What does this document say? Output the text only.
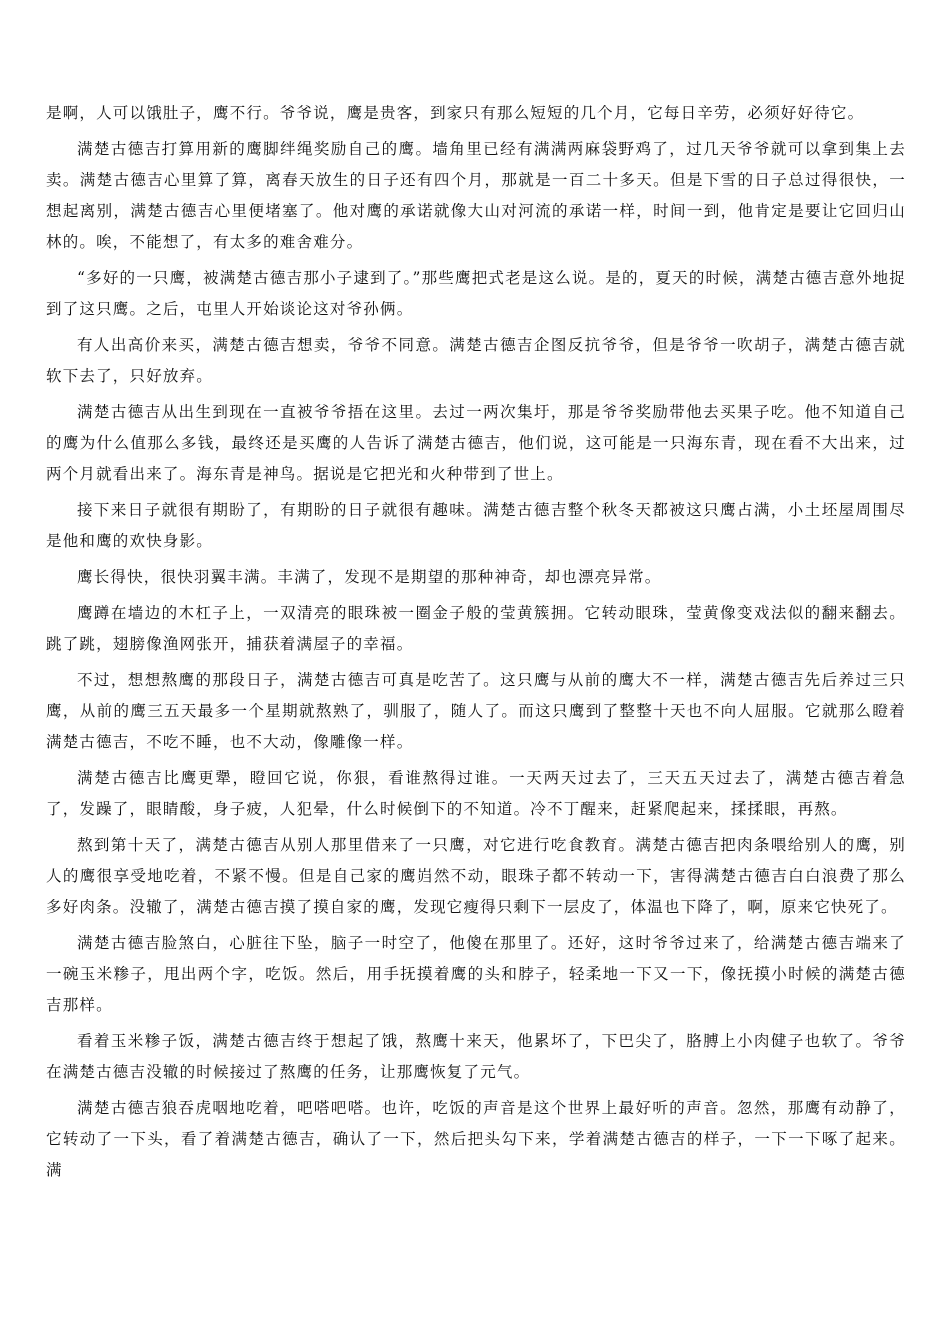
是啊，人可以饿肚子，鹰不行。爷爷说，鹰是贵客，到家只有那么短短的几个月，它每日辛劳，必须好好待它。

满楚古德吉打算用新的鹰脚绊绳奖励自己的鹰。墙角里已经有满满两麻袋野鸡了，过几天爷爷就可以拿到集上去卖。满楚古德吉心里算了算，离春天放生的日子还有四个月，那就是一百二十多天。但是下雪的日子总过得很快，一想起离别，满楚古德吉心里便堵塞了。他对鹰的承诺就像大山对河流的承诺一样，时间一到，他肯定是要让它回归山林的。唉，不能想了，有太多的难舍难分。

“多好的一只鹰，被满楚古德吉那小子逮到了。”那些鹰把式老是这么说。是的，夏天的时候，满楚古德吉意外地捉到了这只鹰。之后，屯里人开始谈论这对爷孙俩。

有人出高价来买，满楚古德吉想卖，爷爷不同意。满楚古德吉企图反抗爷爷，但是爷爷一吹胡子，满楚古德吉就软下去了，只好放弃。

满楚古德吉从出生到现在一直被爷爷捂在这里。去过一两次集圩，那是爷爷奖励带他去买果子吃。他不知道自己的鹰为什么值那么多钱，最终还是买鹰的人告诉了满楚古德吉，他们说，这可能是一只海东青，现在看不大出来，过两个月就看出来了。海东青是神鸟。据说是它把光和火种带到了世上。

接下来日子就很有期盼了，有期盼的日子就很有趣味。满楚古德吉整个秋冬天都被这只鹰占满，小土坯屋周围尽是他和鹰的欢快身影。

鹰长得快，很快羽翼丰满。丰满了，发现不是期望的那种神奇，却也漂亮异常。

鹰蹲在墙边的木杠子上，一双清亮的眼珠被一圈金子般的莹黄簇拥。它转动眼珠，莹黄像变戏法似的翻来翻去。跳了跳，翅膀像渔网张开，捕获着满屋子的幸福。

不过，想想熬鹰的那段日子，满楚古德吉可真是吃苦了。这只鹰与从前的鹰大不一样，满楚古德吉先后养过三只鹰，从前的鹰三五天最多一个星期就熬熟了，驯服了，随人了。而这只鹰到了整整十天也不向人屈服。它就那么瞪着满楚古德吉，不吃不睡，也不大动，像雕像一样。

满楚古德吉比鹰更犟，瞪回它说，你狠，看谁熬得过谁。一天两天过去了，三天五天过去了，满楚古德吉着急了，发躁了，眼睛酸，身子疲，人犯晕，什么时候倒下的不知道。冷不丁醒来，赶紧爬起来，揉揉眼，再熬。

熬到第十天了，满楚古德吉从别人那里借来了一只鹰，对它进行吃食教育。满楚古德吉把肉条喂给别人的鹰，别人的鹰很享受地吃着，不紧不慢。但是自己家的鹰岿然不动，眼珠子都不转动一下，害得满楚古德吉白白浪费了那么多好肉条。没辙了，满楚古德吉摸了摸自家的鹰，发现它瘦得只剩下一层皮了，体温也下降了，啊，原来它快死了。

满楚古德吉脸煞白，心脏往下坠，脑子一时空了，他傻在那里了。还好，这时爷爷过来了，给满楚古德吉端来了一碗玉米糁子，甩出两个字，吃饭。然后，用手抚摸着鹰的头和脖子，轻柔地一下又一下，像抚摸小时候的满楚古德吉那样。

看着玉米糁子饭，满楚古德吉终于想起了饿，熬鹰十来天，他累坏了，下巴尖了，胳膊上小肉健子也软了。爷爷在满楚古德吉没辙的时候接过了熬鹰的任务，让那鹰恢复了元气。

满楚古德吉狼吞虎咽地吃着，吧嗒吧嗒。也许，吃饭的声音是这个世界上最好听的声音。忽然，那鹰有动静了，它转动了一下头，看了着满楚古德吉，确认了一下，然后把头勾下来，学着满楚古德吉的样子，一下一下啄了起来。满
